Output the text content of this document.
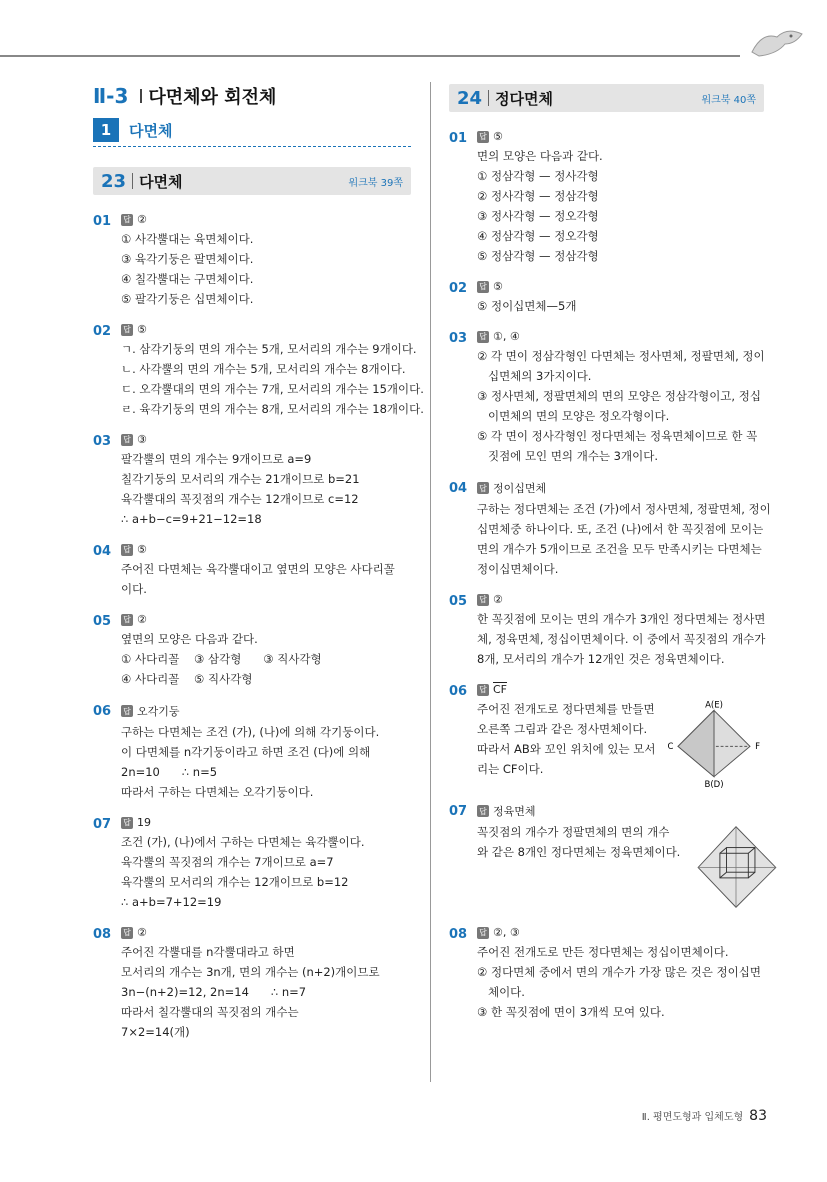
Ⅱ-3 다면체와 회전체
1	다면체
23 다면체	워크북 39쪽
01	답 ②
① 사각뿔대는 육면체이다.
③ 육각기둥은 팔면체이다.
④ 칠각뿔대는 구면체이다.
⑤ 팔각기둥은 십면체이다.
02	답 ⑤
ㄱ. 삼각기둥의 면의 개수는 5개, 모서리의 개수는 9개이다.
ㄴ. 사각뿔의 면의 개수는 5개, 모서리의 개수는 8개이다.
ㄷ. 오각뿔대의 면의 개수는 7개, 모서리의 개수는 15개이다.
ㄹ. 육각기둥의 면의 개수는 8개, 모서리의 개수는 18개이다.
03	답 ③
팔각뿔의 면의 개수는 9개이므로 a=9
칠각기둥의 모서리의 개수는 21개이므로 b=21
육각뿔대의 꼭짓점의 개수는 12개이므로 c=12
∴ a+b−c=9+21−12=18
04	답 ⑤
주어진 다면체는 육각뿔대이고 옆면의 모양은 사다리꼴
이다.
05	답 ②
옆면의 모양은 다음과 같다.
① 사다리꼴    ③ 삼각형      ③ 직사각형
④ 사다리꼴    ⑤ 직사각형
06	답 오각기둥
구하는 다면체는 조건 (가), (나)에 의해 각기둥이다.
이 다면체를 n각기둥이라고 하면 조건 (다)에 의해
2n=10      ∴ n=5
따라서 구하는 다면체는 오각기둥이다.
07	답 19
조건 (가), (나)에서 구하는 다면체는 육각뿔이다.
육각뿔의 꼭짓점의 개수는 7개이므로 a=7
육각뿔의 모서리의 개수는 12개이므로 b=12
∴ a+b=7+12=19
08	답 ②
주어진 각뿔대를 n각뿔대라고 하면
모서리의 개수는 3n개, 면의 개수는 (n+2)개이므로
3n−(n+2)=12, 2n=14      ∴ n=7
따라서 칠각뿔대의 꼭짓점의 개수는
7×2=14(개)
24 정다면체	워크북 40쪽
01	답 ⑤
면의 모양은 다음과 같다.
① 정삼각형 — 정사각형
② 정사각형 — 정삼각형
③ 정사각형 — 정오각형
④ 정삼각형 — 정오각형
⑤ 정삼각형 — 정삼각형
02	답 ⑤
⑤ 정이십면체—5개
03	답 ①, ④
② 각 면이 정삼각형인 다면체는 정사면체, 정팔면체, 정이
십면체의 3가지이다.
③ 정사면체, 정팔면체의 면의 모양은 정삼각형이고, 정십
이면체의 면의 모양은 정오각형이다.
⑤ 각 면이 정사각형인 정다면체는 정육면체이므로 한 꼭
짓점에 모인 면의 개수는 3개이다.
04	답 정이십면체
구하는 정다면체는 조건 (가)에서 정사면체, 정팔면체, 정이
십면체중 하나이다. 또, 조건 (나)에서 한 꼭짓점에 모이는
면의 개수가 5개이므로 조건을 모두 만족시키는 다면체는
정이십면체이다.
05	답 ②
한 꼭짓점에 모이는 면의 개수가 3개인 정다면체는 정사면
체, 정육면체, 정십이면체이다. 이 중에서 꼭짓점의 개수가
8개, 모서리의 개수가 12개인 것은 정육면체이다.
06	답 $\overline{CF}$
주어진 전개도로 정다면체를 만들면
오른쪽 그림과 같은 정사면체이다.
따라서 AB와 꼬인 위치에 있는 모서
리는 CF이다.
A(E)
C	F
B(D)
07	답 정육면체
꼭짓점의 개수가 정팔면체의 면의 개수
와 같은 8개인 정다면체는 정육면체이다.
08	답 ②, ③
주어진 전개도로 만든 정다면체는 정십이면체이다.
② 정다면체 중에서 면의 개수가 가장 많은 것은 정이십면
체이다.
③ 한 꼭짓점에 면이 3개씩 모여 있다.
Ⅱ. 평면도형과 입체도형 83
